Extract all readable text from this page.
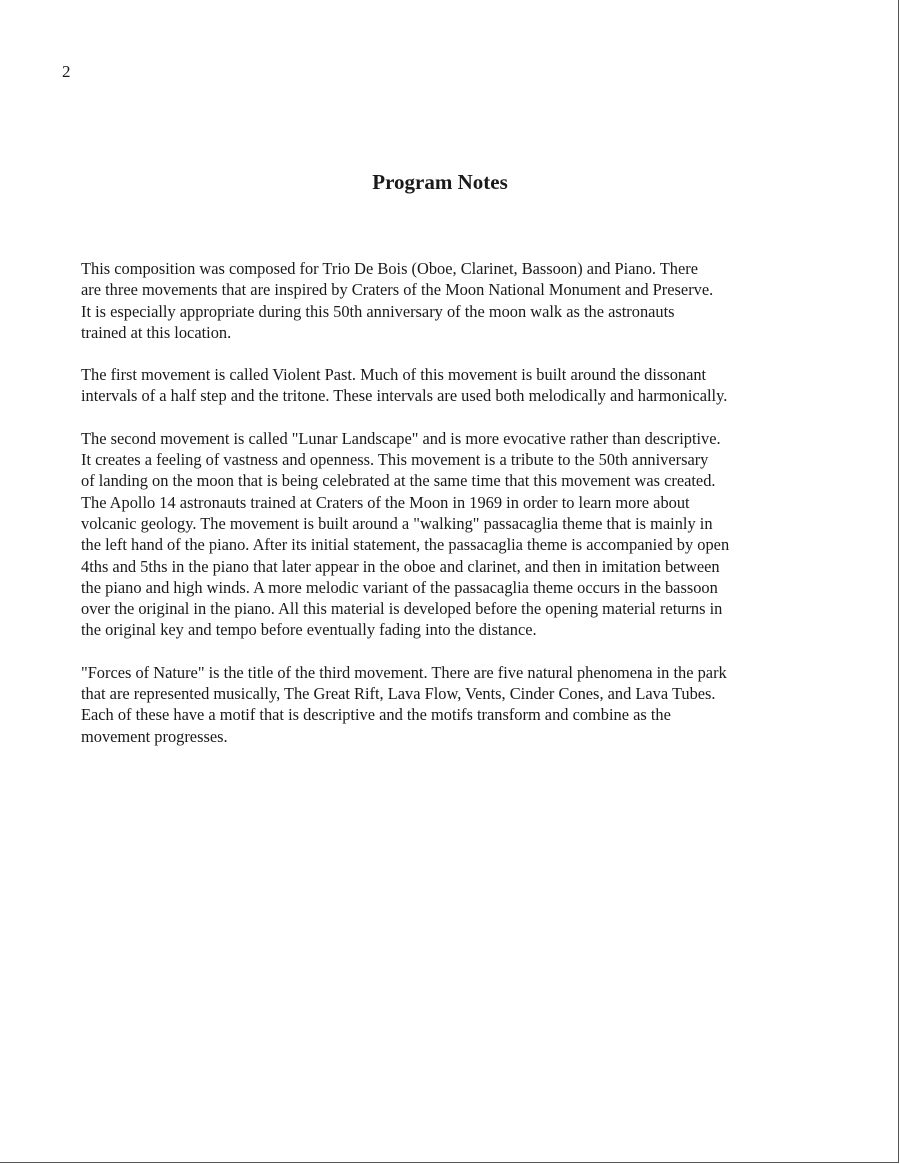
2
Program Notes
This composition was composed for Trio De Bois (Oboe, Clarinet, Bassoon) and Piano. There
are three movements that are inspired by Craters of the Moon National Monument and Preserve.
It is especially appropriate during this 50th anniversary of the moon walk as the astronauts
trained at this location.
The first movement is called Violent Past. Much of this movement is built around the dissonant
intervals of a half step and the tritone. These intervals are used both melodically and harmonically.
The second movement is called "Lunar Landscape" and is more evocative rather than descriptive.
It creates a feeling of vastness and openness. This movement is a tribute to the 50th anniversary
of landing on the moon that is being celebrated at the same time that this movement was created.
The Apollo 14 astronauts trained at Craters of the Moon in 1969 in order to learn more about
volcanic geology. The movement is built around a "walking" passacaglia theme that is mainly in
the left hand of the piano. After its initial statement, the passacaglia theme is accompanied by open
4ths and 5ths in the piano that later appear in the oboe and clarinet, and then in imitation between
the piano and high winds. A more melodic variant of the passacaglia theme occurs in the bassoon
over the original in the piano. All this material is developed before the opening material returns in
the original key and tempo before eventually fading into the distance.
"Forces of Nature" is the title of the third movement. There are five natural phenomena in the park
that are represented musically, The Great Rift, Lava Flow, Vents, Cinder Cones, and Lava Tubes.
Each of these have a motif that is descriptive and the motifs transform and combine as the
movement progresses.
